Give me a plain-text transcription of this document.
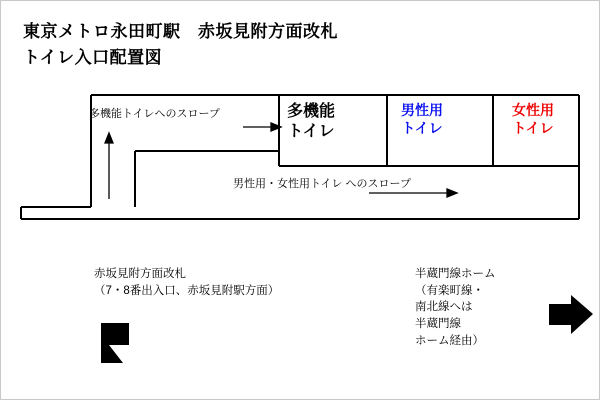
東京メトロ永田町駅　赤坂見附方面改札
トイレ入口配置図
多機能
トイレ
男性用
トイレ
女性用
トイレ
多機能トイレへのスロープ
男性用・女性用トイレ へのスロープ
赤坂見附方面改札
（7・8番出入口、赤坂見附駅方面）
半蔵門線ホーム
（有楽町線・
南北線へは
半蔵門線
ホーム経由）
